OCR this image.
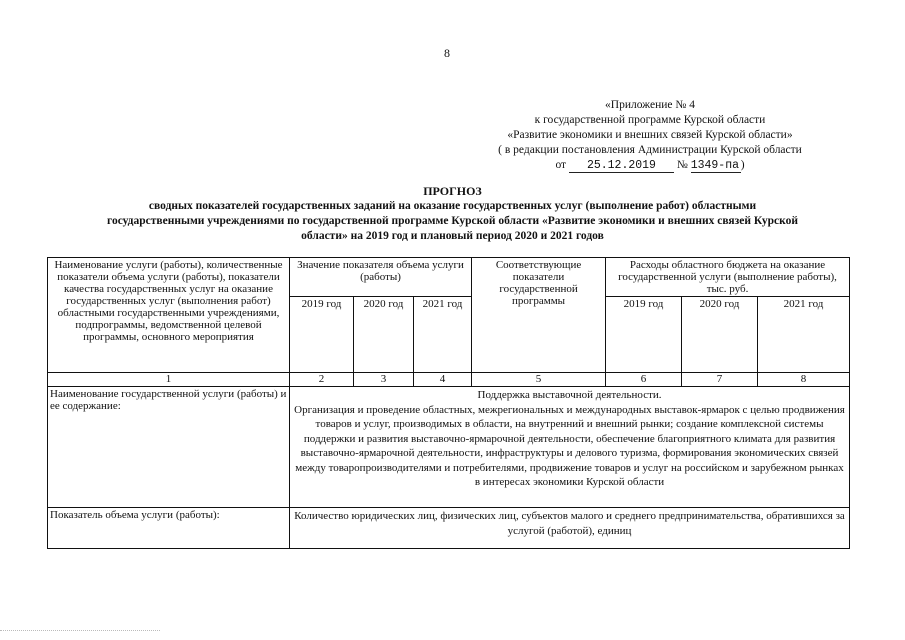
8
«Приложение № 4
к государственной программе Курской области
«Развитие экономики и внешних связей Курской области»
( в редакции постановления Администрации Курской области
от 25.12.2019 № 1349-па )
ПРОГНОЗ
сводных показателей государственных заданий на оказание государственных услуг (выполнение работ) областными
государственными учреждениями по государственной программе Курской области «Развитие экономики и внешних связей Курской
области» на 2019 год и плановый период 2020 и 2021 годов
Наименование услуги (работы), количественные показатели объема услуги (работы), показатели качества государственных услуг на оказание государственных услуг (выполнения работ) областными государственными учреждениями, подпрограммы, ведомственной целевой программы, основного мероприятия	Значение показателя объема услуги (работы)			Соответствующие показатели государственной программы	Расходы областного бюджета на оказание государственной услуги (выполнение работы), тыс. руб.		
	2019 год	2020 год	2021 год		2019 год	2020 год	2021 год
1	2	3	4	5	6	7	8
Наименование государственной услуги (работы) и ее содержание:	Поддержка выставочной деятельности.
Организация и проведение областных, межрегиональных и международных выставок-ярмарок с целью продвижения товаров и услуг, производимых в области, на внутренний и внешний рынки; создание комплексной системы поддержки и развития выставочно-ярмарочной деятельности, обеспечение благоприятного климата для развития выставочно-ярмарочной деятельности, инфраструктуры и делового туризма, формирования экономических связей между товаропроизводителями и потребителями, продвижение товаров и услуг на российском и зарубежном рынках в интересах экономики Курской области						
Показатель объема услуги (работы):	Количество юридических лиц, физических лиц, субъектов малого и среднего предпринимательства, обратившихся за услугой (работой), единиц						
